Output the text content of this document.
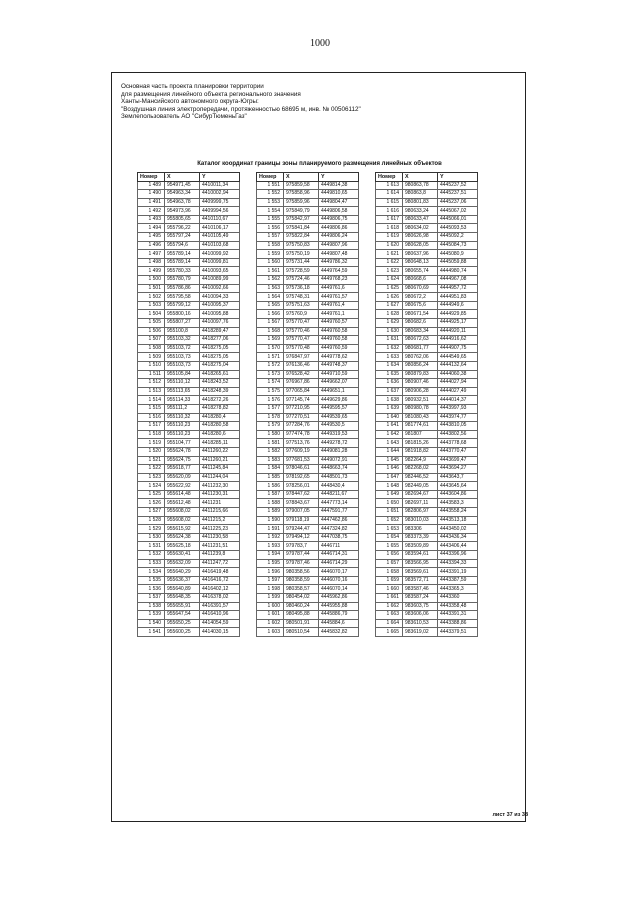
1000
Основная часть проекта планировки территории
для размещения линейного объекта регионального значения
Ханты-Мансийского автономного округа-Югры:
"Воздушная линия электропередачи, протяженностью 68695 м, инв. № 00506112"
Землепользователь АО "СибурТюменьГаз"
Каталог координат границы зоны планируемого размещения линейных объектов
Номер	X	Y
1 489	954971,45	4410011,34
1 490	954963,34	4410002,94
1 491	954963,78	4409999,75
1 492	954973,96	4409994,56
1 493	955805,65	4410110,67
1 494	955796,22	4410106,17
1 495	955797,24	4410105,49
1 496	955794,6	4410103,68
1 497	955789,14	4410099,92
1 498	955789,14	4410099,81
1 499	955780,33	4410093,65
1 500	955780,79	4410089,99
1 501	955786,86	4410092,66
1 502	955795,58	4410094,33
1 503	955799,12	4410095,37
1 504	955800,16	4410095,88
1 505	955807,27	4410097,76
1 506	955100,8	4418289,47
1 507	955103,32	4418277,06
1 508	955103,72	4418275,05
1 509	955103,73	4418275,05
1 510	955103,73	4418275,04
1 511	955105,84	4418265,61
1 512	955110,12	4418243,52
1 513	955113,65	4418248,39
1 514	955114,33	4418272,26
1 515	955111,2	4418278,82
1 516	955110,32	4418280,4
1 517	955110,23	4418280,58
1 518	955110,23	4418280,6
1 519	955104,77	4418285,11
1 520	955624,78	4411260,22
1 521	955624,75	4411260,21
1 522	955618,77	4411245,84
1 523	955620,09	4411244,04
1 524	955622,92	4411232,30
1 525	955614,48	4411230,31
1 526	955612,48	4411231
1 527	955608,02	4411215,66
1 528	955608,02	4411215,2
1 529	955615,92	4411225,23
1 530	955624,38	4411230,58
1 531	955625,18	4411231,51
1 532	955630,41	4411239,8
1 533	955632,09	4411247,72
1 534	955640,29	4416419,48
1 535	955636,37	4416416,72
1 536	955640,89	4416402,12
1 537	955648,35	4416378,02
1 538	955655,91	4416391,57
1 539	955647,54	4416410,96
1 540	955650,25	4414054,59
1 541	955600,25	4414030,15
Номер	X	Y
1 551	975859,58	4449814,38
1 552	975858,96	4449810,65
1 553	975859,96	4449804,47
1 554	975849,79	4449806,58
1 555	975842,97	4449806,75
1 556	975841,84	4449806,86
1 557	975822,84	4449806,24
1 558	975750,83	4449807,96
1 559	975750,19	4449807,48
1 560	975731,44	4449786,32
1 561	975728,59	4449764,59
1 562	975724,46	4449768,23
1 563	975736,18	4449761,6
1 564	975748,31	4449761,57
1 565	975751,63	4449761,4
1 566	975760,9	4449761,1
1 567	975770,47	4449760,57
1 568	975770,46	4449760,58
1 569	975770,47	4449760,58
1 570	975770,48	4449760,59
1 571	976847,97	4449778,62
1 572	976136,46	4449748,37
1 573	976528,42	4449710,59
1 574	976967,86	4449662,07
1 575	977065,84	4449651,1
1 576	977145,74	4449629,86
1 577	977210,95	4449595,57
1 578	977270,51	4449539,65
1 579	977284,76	4449530,5
1 580	977474,78	4449319,53
1 581	977513,76	4449278,72
1 582	977609,19	4449081,28
1 583	977681,53	4449072,91
1 584	978046,61	4448663,74
1 585	978192,65	4448501,73
1 586	978256,01	4448430,4
1 587	978447,62	4448211,67
1 588	978843,67	4447773,14
1 589	979007,05	4447591,77
1 590	979118,19	4447462,86
1 591	979244,47	4447324,82
1 592	979494,12	4447038,75
1 593	979783,7	4446711
1 594	979787,44	4446714,31
1 595	979787,46	4446714,29
1 596	980358,56	4446070,17
1 597	980358,59	4446070,16
1 598	980358,57	4446070,14
1 599	980454,02	4445962,86
1 600	980460,24	4445955,88
1 601	980495,88	4445886,79
1 602	980501,91	4445884,6
1 603	980510,54	4445832,82
Номер	X	Y
1 613	980863,78	4445237,52
1 614	980863,8	4445237,51
1 615	980801,83	4445237,06
1 616	980633,24	4445067,02
1 617	980633,47	4445066,01
1 618	980634,02	4445093,53
1 619	980626,98	4445092,2
1 620	980628,05	4445084,73
1 621	980637,96	4445080,9
1 622	980648,13	4445059,88
1 623	980655,74	4444980,74
1 624	980668,6	4444967,08
1 625	980670,69	4444957,72
1 626	980672,2	4444951,83
1 627	980675,6	4444949,6
1 628	980671,54	4444929,85
1 629	980682,6	4444925,17
1 630	980683,34	4444920,11
1 631	980672,63	4444916,62
1 632	980681,77	4444907,75
1 633	980762,06	4444549,65
1 634	980856,24	4444132,64
1 635	980879,83	4444060,38
1 636	980907,46	4444027,94
1 637	980906,28	4444027,49
1 638	980932,51	4444014,37
1 639	980980,78	4443997,93
1 640	981080,43	4443974,77
1 641	981774,61	4443810,05
1 642	981807	4443802,56
1 643	981815,26	4443778,68
1 644	981918,82	4443770,47
1 645	982264,9	4443699,47
1 646	982268,02	4443694,27
1 647	982446,52	4443643,7
1 648	982449,05	4443645,64
1 649	982694,67	4443604,86
1 650	982697,11	4443583,3
1 651	982806,97	4443558,24
1 652	983010,03	4443513,18
1 653	983306	4443450,02
1 654	983373,39	4443436,34
1 655	983509,89	4443406,44
1 656	983594,61	4443396,96
1 657	983566,95	4443394,33
1 658	983569,61	4443391,19
1 659	983572,71	4443387,59
1 660	983587,46	4443365,3
1 661	983587,24	4443360
1 662	983603,75	4443358,48
1 663	983606,06	4443391,31
1 664	983610,53	4443388,86
1 665	983619,02	4443379,51
лист 37 из 38
